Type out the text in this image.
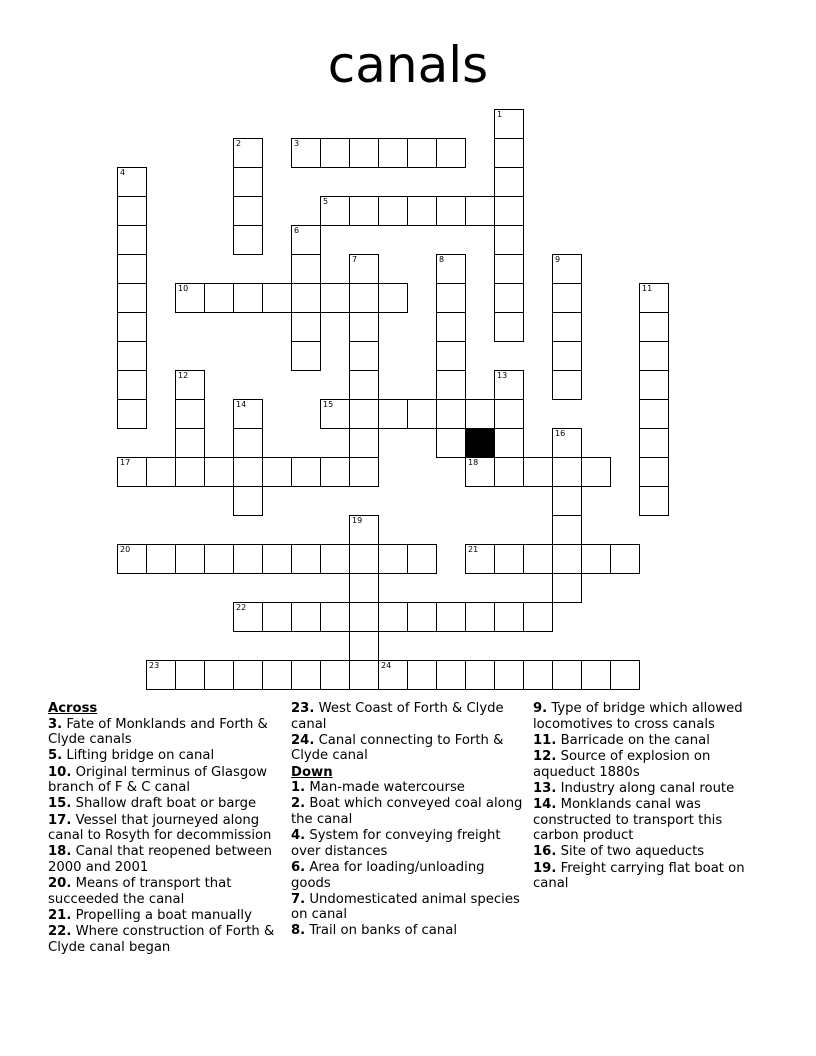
canals
1
2	3
4
5
6
7	8	9
10	11
12	13
14	15
16
17	18
19
20	21
22
23	24
Across
3. Fate of Monklands and Forth & Clyde canals
5. Lifting bridge on canal
10. Original terminus of Glasgow branch of F & C canal
15. Shallow draft boat or barge
17. Vessel that journeyed along canal to Rosyth for decommission
18. Canal that reopened between 2000 and 2001
20. Means of transport that succeeded the canal
21. Propelling a boat manually
22. Where construction of Forth & Clyde canal began
23. West Coast of Forth & Clyde canal
24. Canal connecting to Forth & Clyde canal
Down
1. Man-made watercourse
2. Boat which conveyed coal along the canal
4. System for conveying freight over distances
6. Area for loading/unloading goods
7. Undomesticated animal species on canal
8. Trail on banks of canal
9. Type of bridge which allowed locomotives to cross canals
11. Barricade on the canal
12. Source of explosion on aqueduct 1880s
13. Industry along canal route
14. Monklands canal was constructed to transport this carbon product
16. Site of two aqueducts
19. Freight carrying flat boat on canal
